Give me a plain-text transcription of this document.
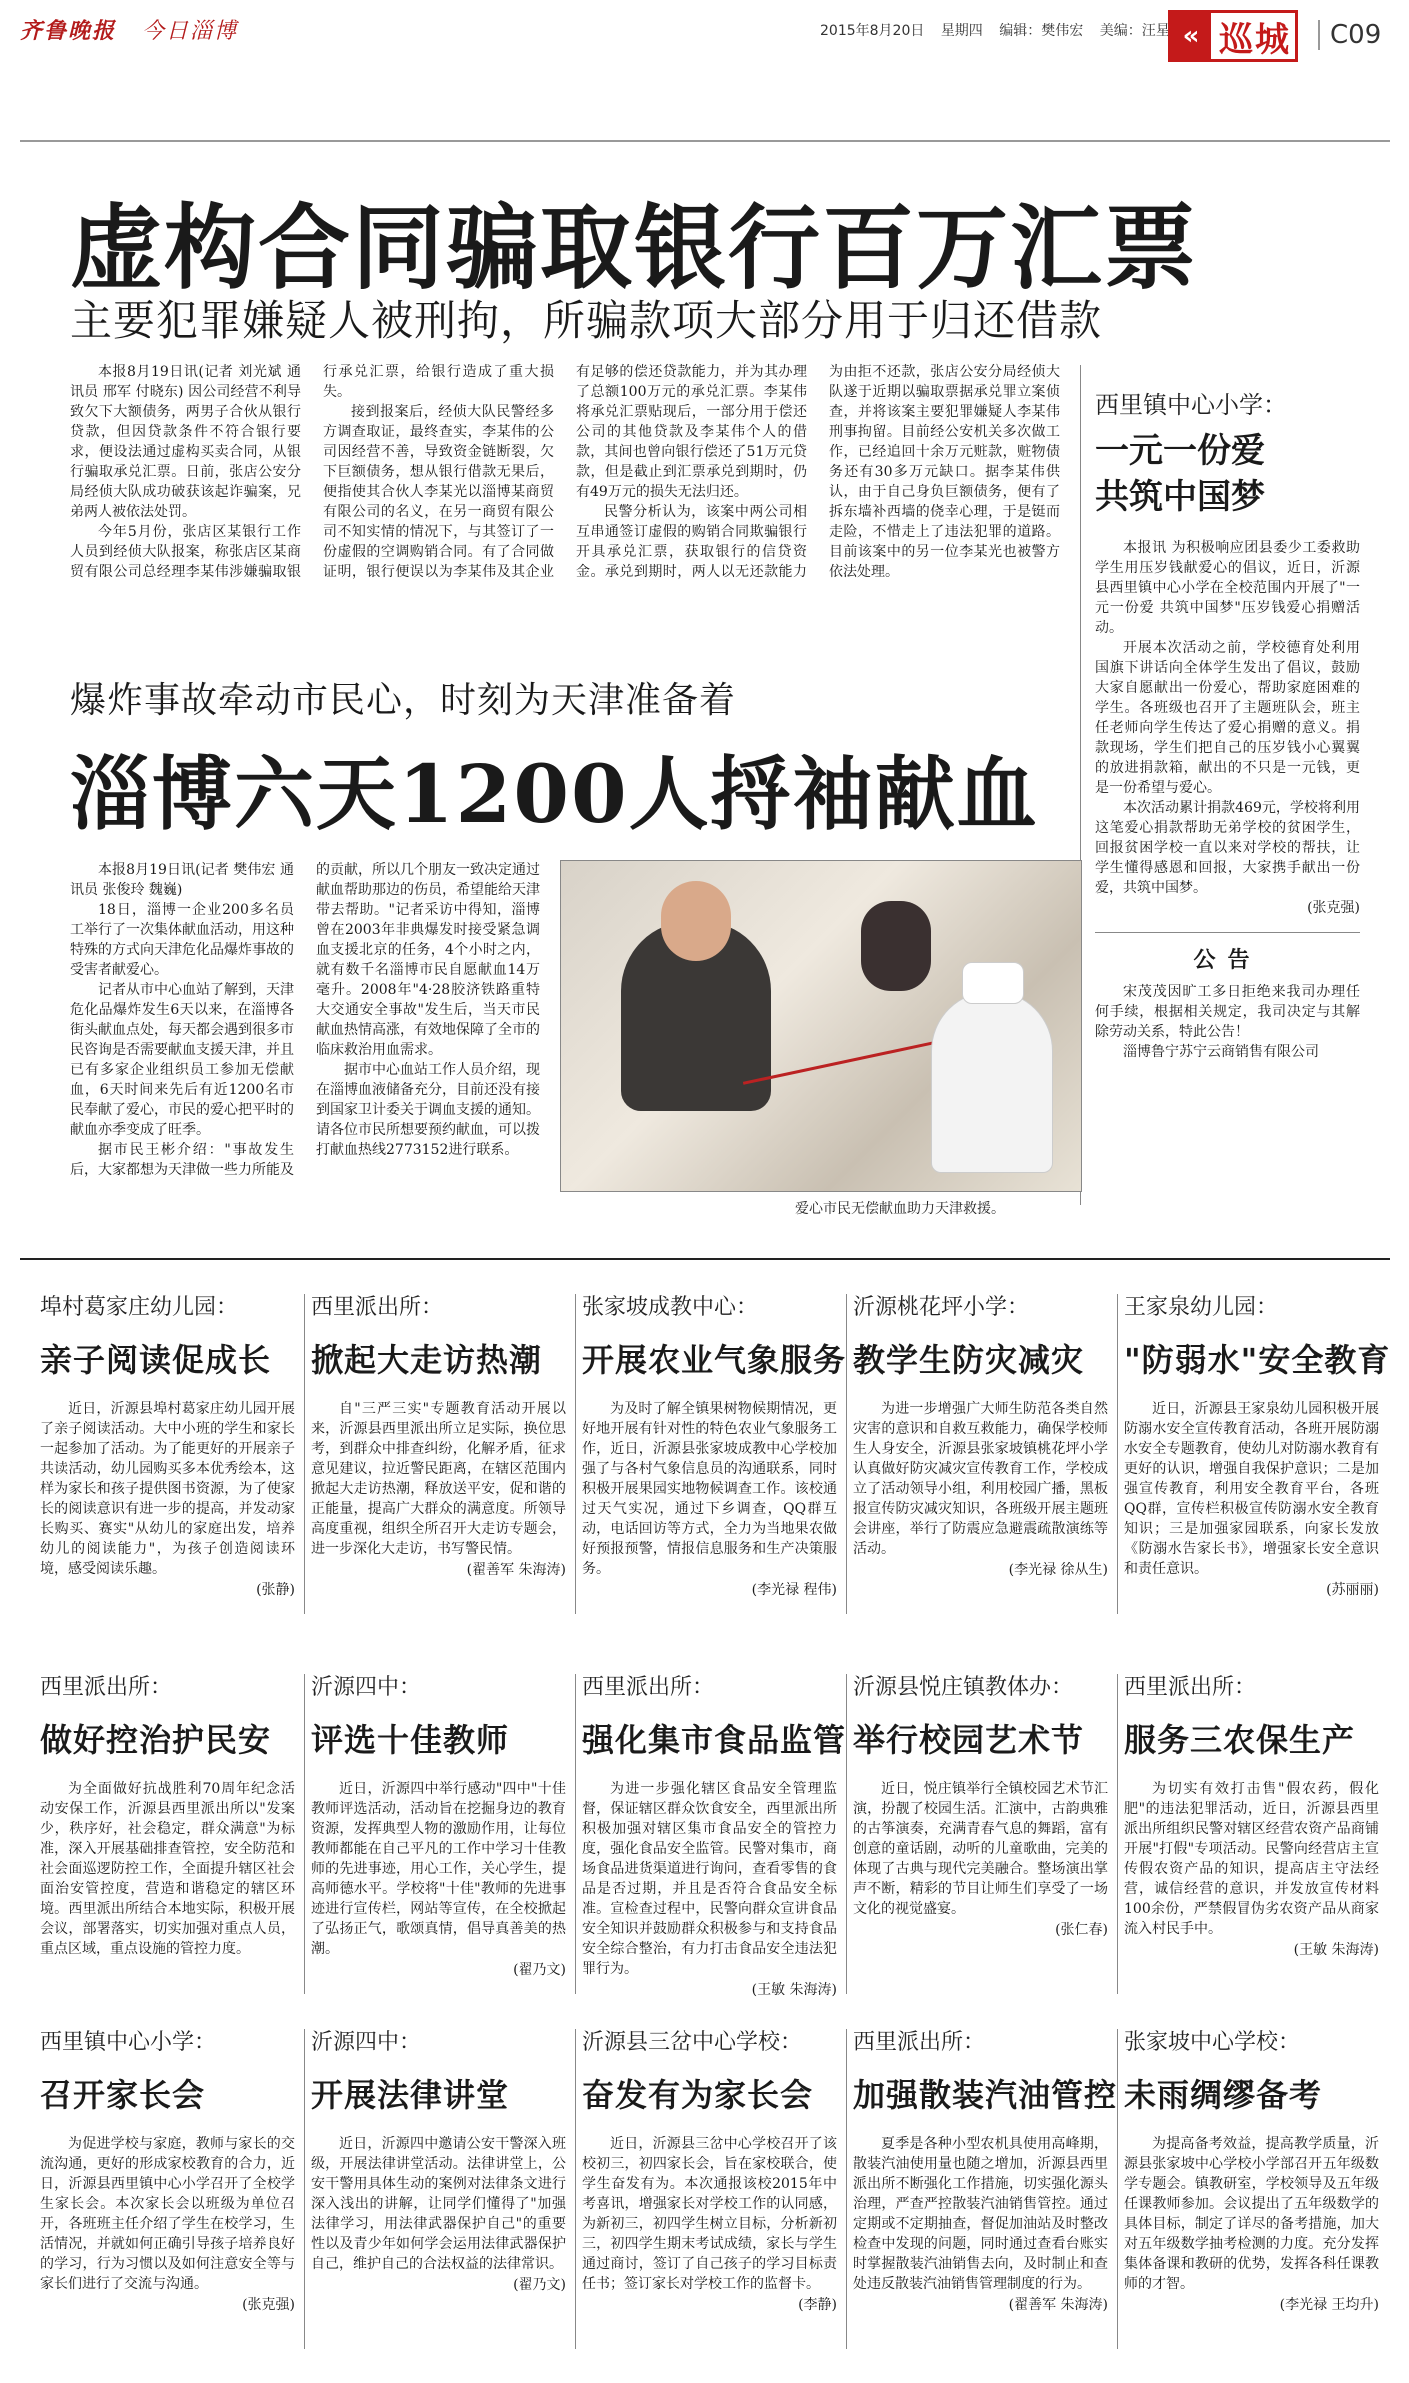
齐鲁晚报 今日淄博	2015年8月20日 星期四 编辑：樊伟宏 美编：汪星 « 巡城	C09
虚构合同骗取银行百万汇票
主要犯罪嫌疑人被刑拘，所骗款项大部分用于归还借款

本报8月19日讯(记者 刘光斌 通讯员 邢军 付晓东) 因公司经营不利导致欠下大额债务，两男子合伙从银行贷款，但因贷款条件不符合银行要求，便设法通过虚构买卖合同，从银行骗取承兑汇票。日前，张店公安分局经侦大队成功破获该起诈骗案，兄弟两人被依法处罚。

今年5月份，张店区某银行工作人员到经侦大队报案，称张店区某商贸有限公司总经理李某伟涉嫌骗取银行承兑汇票，给银行造成了重大损失。

接到报案后，经侦大队民警经多方调查取证，最终查实，李某伟的公司因经营不善，导致资金链断裂，欠下巨额债务，想从银行借款无果后，便指使其合伙人李某光以淄博某商贸有限公司的名义，在另一商贸有限公司不知实情的情况下，与其签订了一份虚假的空调购销合同。有了合同做证明，银行便误以为李某伟及其企业有足够的偿还贷款能力，并为其办理了总额100万元的承兑汇票。李某伟将承兑汇票贴现后，一部分用于偿还公司的其他贷款及李某伟个人的借款，其间也曾向银行偿还了51万元贷款，但是截止到汇票承兑到期时，仍有49万元的损失无法归还。

民警分析认为，该案中两公司相互串通签订虚假的购销合同欺骗银行开具承兑汇票，获取银行的信贷资金。承兑到期时，两人以无还款能力为由拒不还款，张店公安分局经侦大队遂于近期以骗取票据承兑罪立案侦查，并将该案主要犯罪嫌疑人李某伟刑事拘留。目前经公安机关多次做工作，已经追回十余万元赃款，赃物债务还有30多万元缺口。据李某伟供认，由于自己身负巨额债务，便有了拆东墙补西墙的侥幸心理，于是铤而走险，不惜走上了违法犯罪的道路。目前该案中的另一位李某光也被警方依法处理。

西里镇中心小学：
一元一份爱
共筑中国梦

本报讯 为积极响应团县委少工委救助学生用压岁钱献爱心的倡议，近日，沂源县西里镇中心小学在全校范围内开展了"一元一份爱 共筑中国梦"压岁钱爱心捐赠活动。

开展本次活动之前，学校德育处利用国旗下讲话向全体学生发出了倡议，鼓励大家自愿献出一份爱心，帮助家庭困难的学生。各班级也召开了主题班队会，班主任老师向学生传达了爱心捐赠的意义。捐款现场，学生们把自己的压岁钱小心翼翼的放进捐款箱，献出的不只是一元钱，更是一份希望与爱心。

本次活动累计捐款469元，学校将利用这笔爱心捐款帮助无弟学校的贫困学生，回报贫困学校一直以来对学校的帮扶，让学生懂得感恩和回报，大家携手献出一份爱，共筑中国梦。

(张克强)
公告

宋茂茂因旷工多日拒绝来我司办理任何手续，根据相关规定，我司决定与其解除劳动关系，特此公告！

淄博鲁宁苏宁云商销售有限公司

爆炸事故牵动市民心，时刻为天津准备着
淄博六天1200人捋袖献血

本报8月19日讯(记者 樊伟宏 通讯员 张俊玲 魏巍)

18日，淄博一企业200多名员工举行了一次集体献血活动，用这种特殊的方式向天津危化品爆炸事故的受害者献爱心。

记者从市中心血站了解到，天津危化品爆炸发生6天以来，在淄博各街头献血点处，每天都会遇到很多市民咨询是否需要献血支援天津，并且已有多家企业组织员工参加无偿献血，6天时间来先后有近1200名市民奉献了爱心，市民的爱心把平时的献血亦季变成了旺季。

据市民王彬介绍："事故发生后，大家都想为天津做一些力所能及的贡献，所以几个朋友一致决定通过献血帮助那边的伤员，希望能给天津带去帮助。"记者采访中得知，淄博曾在2003年非典爆发时接受紧急调血支援北京的任务，4个小时之内，就有数千名淄博市民自愿献血14万毫升。2008年"4·28胶济铁路重特大交通安全事故"发生后，当天市民献血热情高涨，有效地保障了全市的临床救治用血需求。

据市中心血站工作人员介绍，现在淄博血液储备充分，目前还没有接到国家卫计委关于调血支援的通知。请各位市民所想要预约献血，可以拨打献血热线2773152进行联系。

爱心市民无偿献血助力天津救援。
埠村葛家庄幼儿园：
亲子阅读促成长

近日，沂源县埠村葛家庄幼儿园开展了亲子阅读活动。大中小班的学生和家长一起参加了活动。为了能更好的开展亲子共读活动，幼儿园购买多本优秀绘本，这样为家长和孩子提供图书资源，为了使家长的阅读意识有进一步的提高，并发动家长购买、赛实"从幼儿的家庭出发，培养幼儿的阅读能力"，为孩子创造阅读环境，感受阅读乐趣。

(张静)
西里派出所：
掀起大走访热潮

自"三严三实"专题教育活动开展以来，沂源县西里派出所立足实际，换位思考，到群众中排查纠纷，化解矛盾，征求意见建议，拉近警民距离，在辖区范围内掀起大走访热潮，释放送平安，促和谐的正能量，提高广大群众的满意度。所领导高度重视，组织全所召开大走访专题会，进一步深化大走访，书写警民情。

(翟善军 朱海涛)
张家坡成教中心：
开展农业气象服务

为及时了解全镇果树物候期情况，更好地开展有针对性的特色农业气象服务工作，近日，沂源县张家坡成教中心学校加强了与各村气象信息员的沟通联系，同时积极开展果园实地物候调查工作。该校通过天气实况，通过下乡调查，QQ群互动，电话回访等方式，全力为当地果农做好预报预警，情报信息服务和生产决策服务。

(李光禄 程伟)
沂源桃花坪小学：
教学生防灾减灾

为进一步增强广大师生防范各类自然灾害的意识和自救互救能力，确保学校师生人身安全，沂源县张家坡镇桃花坪小学认真做好防灾减灾宣传教育工作，学校成立了活动领导小组，利用校园广播，黑板报宣传防灾减灾知识，各班级开展主题班会讲座，举行了防震应急避震疏散演练等活动。

(李光禄 徐从生)
王家泉幼儿园：
"防弱水"安全教育

近日，沂源县王家泉幼儿园积极开展防溺水安全宣传教育活动，各班开展防溺水安全专题教育，使幼儿对防溺水教育有更好的认识，增强自我保护意识；二是加强宣传教育，利用安全教育平台，各班QQ群，宣传栏积极宣传防溺水安全教育知识；三是加强家园联系，向家长发放《防溺水告家长书》，增强家长安全意识和责任意识。

(苏丽丽)
西里派出所：
做好控治护民安

为全面做好抗战胜利70周年纪念活动安保工作，沂源县西里派出所以"发案少，秩序好，社会稳定，群众满意"为标准，深入开展基础排查管控，安全防范和社会面巡逻防控工作，全面提升辖区社会面治安管控度，营造和谐稳定的辖区环境。西里派出所结合本地实际，积极开展会议，部署落实，切实加强对重点人员，重点区域，重点设施的管控力度。

沂源四中：
评选十佳教师

近日，沂源四中举行感动"四中"十佳教师评选活动，活动旨在挖掘身边的教育资源，发挥典型人物的激励作用，让每位教师都能在自己平凡的工作中学习十佳教师的先进事迹，用心工作，关心学生，提高师德水平。学校将"十佳"教师的先进事迹进行宣传栏，网站等宣传，在全校掀起了弘扬正气，歌颂真情，倡导真善美的热潮。

(翟乃文)
西里派出所：
强化集市食品监管

为进一步强化辖区食品安全管理监督，保证辖区群众饮食安全，西里派出所积极加强对辖区集市食品安全的管控力度，强化食品安全监管。民警对集市，商场食品进货渠道进行询问，查看零售的食品是否过期，并且是否符合食品安全标准。宣检查过程中，民警向群众宣讲食品安全知识并鼓励群众积极参与和支持食品安全综合整治，有力打击食品安全违法犯罪行为。

(王敏 朱海涛)
沂源县悦庄镇教体办：
举行校园艺术节

近日，悦庄镇举行全镇校园艺术节汇演，扮靓了校园生活。汇演中，古韵典雅的古筝演奏，充满青春气息的舞蹈，富有创意的童话剧，动听的儿童歌曲，完美的体现了古典与现代完美融合。整场演出掌声不断，精彩的节目让师生们享受了一场文化的视觉盛宴。

(张仁春)
西里派出所：
服务三农保生产

为切实有效打击售"假农药，假化肥"的违法犯罪活动，近日，沂源县西里派出所组织民警对辖区经营农资产品商铺开展"打假"专项活动。民警向经营店主宣传假农资产品的知识，提高店主守法经营，诚信经营的意识，并发放宣传材料100余份，严禁假冒伪劣农资产品从商家流入村民手中。

(王敏 朱海涛)
西里镇中心小学：
召开家长会

为促进学校与家庭，教师与家长的交流沟通，更好的形成家校教育的合力，近日，沂源县西里镇中心小学召开了全校学生家长会。本次家长会以班级为单位召开，各班班主任介绍了学生在校学习，生活情况，并就如何正确引导孩子培养良好的学习，行为习惯以及如何注意安全等与家长们进行了交流与沟通。

(张克强)
沂源四中：
开展法律讲堂

近日，沂源四中邀请公安干警深入班级，开展法律讲堂活动。法律讲堂上，公安干警用具体生动的案例对法律条文进行深入浅出的讲解，让同学们懂得了"加强法律学习，用法律武器保护自己"的重要性以及青少年如何学会运用法律武器保护自己，维护自己的合法权益的法律常识。

(翟乃文)
沂源县三岔中心学校：
奋发有为家长会

近日，沂源县三岔中心学校召开了该校初三，初四家长会，旨在家校联合，使学生奋发有为。本次通报该校2015年中考喜讯，增强家长对学校工作的认同感，为新初三，初四学生树立目标，分析新初三，初四学生期末考试成绩，家长与学生通过商讨，签订了自己孩子的学习目标责任书；签订家长对学校工作的监督卡。

(李静)
西里派出所：
加强散装汽油管控

夏季是各种小型农机具使用高峰期，散装汽油使用量也随之增加，沂源县西里派出所不断强化工作措施，切实强化源头治理，严查严控散装汽油销售管控。通过定期或不定期抽查，督促加油站及时整改检查中发现的问题，同时通过查看台账实时掌握散装汽油销售去向，及时制止和查处违反散装汽油销售管理制度的行为。

(翟善军 朱海涛)
张家坡中心学校：
未雨绸缪备考

为提高备考效益，提高教学质量，沂源县张家坡中心学校小学部召开五年级数学专题会。镇教研室，学校领导及五年级任课教师参加。会议提出了五年级数学的具体目标，制定了详尽的备考措施，加大对五年级数学抽考检测的力度。充分发挥集体备课和教研的优势，发挥各科任课教师的才智。

(李光禄 王均升)
